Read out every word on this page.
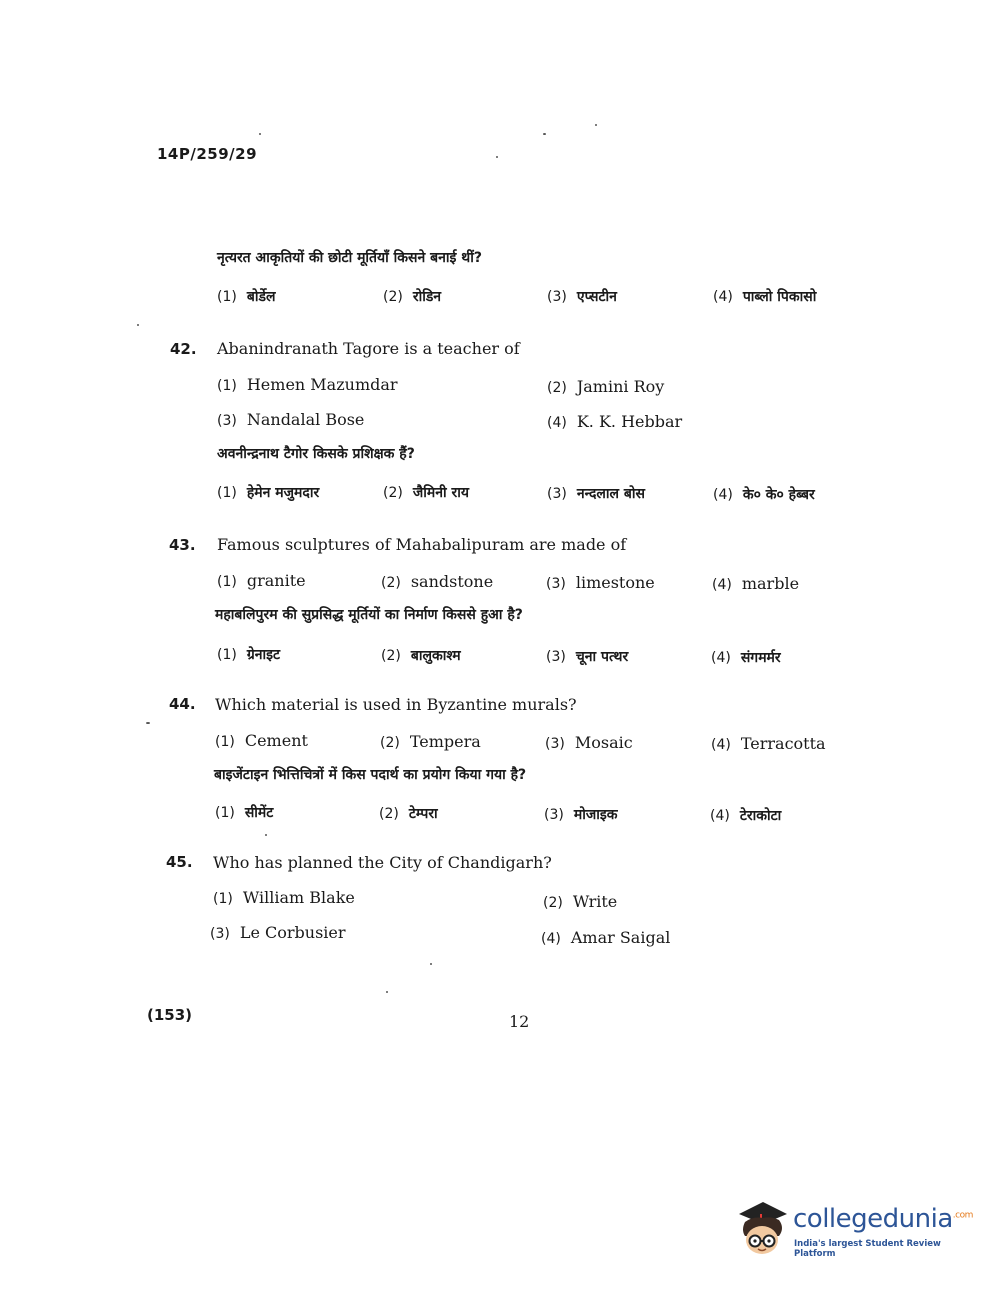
14P/259/29
नृत्यरत आकृतियों की छोटी मूर्तियाँ किसने बनाई थीं?
(1) बोर्डेल	(2) रोडिन	(3) एप्सटीन	(4) पाब्लो पिकासो
42. Abanindranath Tagore is a teacher of
(1) Hemen Mazumdar	(2) Jamini Roy
(3) Nandalal Bose	(4) K. K. Hebbar
अवनीन्द्रनाथ टैगोर किसके प्रशिक्षक हैं?
(1) हेमेन मजुमदार	(2) जैमिनी राय	(3) नन्दलाल बोस	(4) के० के० हेब्बर
43. Famous sculptures of Mahabalipuram are made of
(1) granite	(2) sandstone	(3) limestone	(4) marble
महाबलिपुरम की सुप्रसिद्ध मूर्तियों का निर्माण किससे हुआ है?
(1) ग्रेनाइट	(2) बालुकाश्म	(3) चूना पत्थर	(4) संगमर्मर
44. Which material is used in Byzantine murals?
(1) Cement	(2) Tempera	(3) Mosaic	(4) Terracotta
बाइजेंटाइन भित्तिचित्रों में किस पदार्थ का प्रयोग किया गया है?
(1) सीमेंट	(2) टेम्परा	(3) मोजाइक	(4) टेराकोटा
45. Who has planned the City of Chandigarh?
(1) William Blake	(2) Write
(3) Le Corbusier	(4) Amar Saigal
(153)	12
collegedunia$^{.com}$
India's largest Student Review Platform
